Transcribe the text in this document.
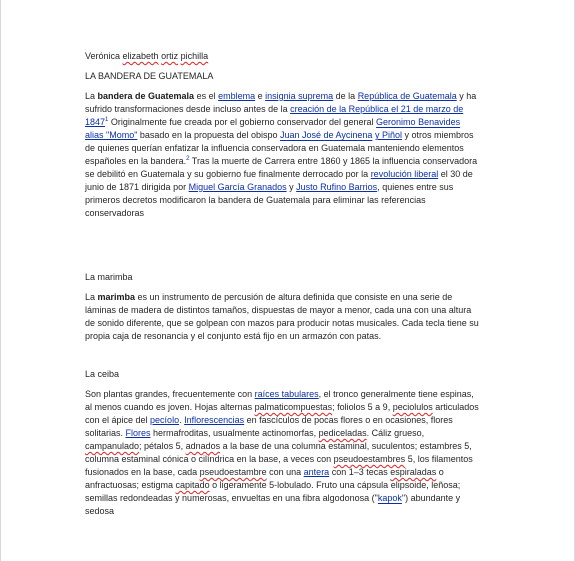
Verónica elizabeth ortiz pichilla
LA BANDERA DE GUATEMALA
La bandera de Guatemala es el emblema e insignia suprema de la República de Guatemala y ha
sufrido transformaciones desde incluso antes de la creación de la República el 21 de marzo de
1847$^1$ Originalmente fue creada por el gobierno conservador del general Geronimo Benavides
alias "Momo" basado en la propuesta del obispo Juan José de Aycinena y Piñol y otros miembros
de quienes querían enfatizar la influencia conservadora en Guatemala manteniendo elementos
españoles en la bandera.$^2$ Tras la muerte de Carrera entre 1860 y 1865 la influencia conservadora
se debilitó en Guatemala y su gobierno fue finalmente derrocado por la revolución liberal el 30 de
junio de 1871 dirigida por Miguel García Granados y Justo Rufino Barrios, quienes entre sus
primeros decretos modificaron la bandera de Guatemala para eliminar las referencias
conservadoras
La marimba
La marimba es un instrumento de percusión de altura definida que consiste en una serie de
láminas de madera de distintos tamaños, dispuestas de mayor a menor, cada una con una altura
de sonido diferente, que se golpean con mazos para producir notas musicales. Cada tecla tiene su
propia caja de resonancia y el conjunto está fijo en un armazón con patas.
La ceiba
Son plantas grandes, frecuentemente con raíces tabulares, el tronco generalmente tiene espinas,
al menos cuando es joven. Hojas alternas palmaticompuestas; foliolos 5 a 9, peciolulos articulados
con el ápice del pecíolo. Inflorescencias en fascículos de pocas flores o en ocasiones, flores
solitarias. Flores hermafroditas, usualmente actinomorfas, pediceladas. Cáliz grueso,
campanulado; pétalos 5, adnados a la base de una columna estaminal, suculentos; estambres 5,
columna estaminal cónica o cilíndrica en la base, a veces con pseudoestambres 5, los filamentos
fusionados en la base, cada pseudoestambre con una antera con 1–3 tecas espiraladas o
anfractuosas; estigma capitado o ligeramente 5-lobulado. Fruto una cápsula elipsoide, leñosa;
semillas redondeadas y numerosas, envueltas en una fibra algodonosa ("kapok") abundante y
sedosa
